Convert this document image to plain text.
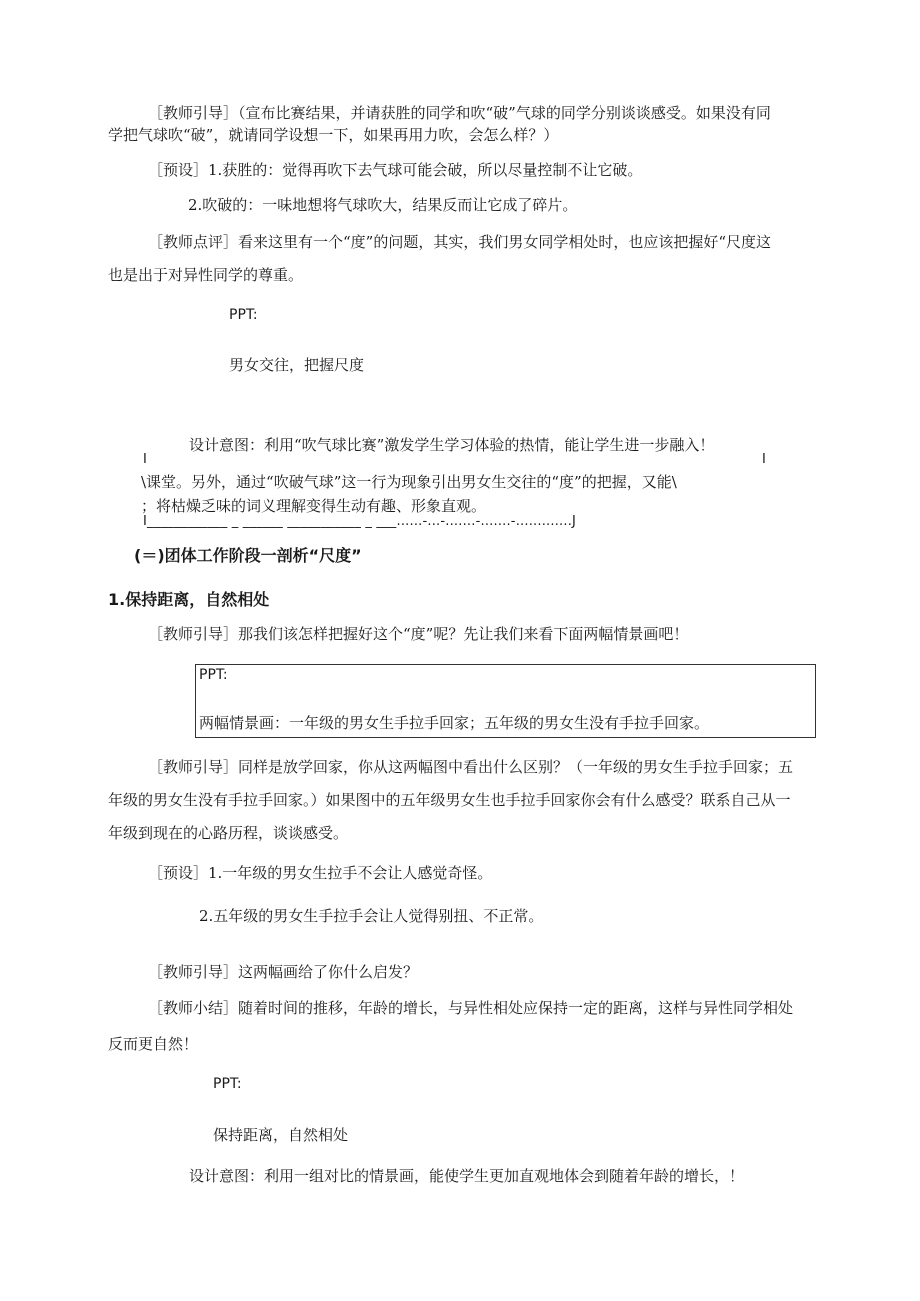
［教师引导］（宣布比赛结果，并请获胜的同学和吹“破”气球的同学分别谈谈感受。如果没有同
学把气球吹“破”，就请同学设想一下，如果再用力吹，会怎么样？）
［预设］1.获胜的：觉得再吹下去气球可能会破，所以尽量控制不让它破。
2.吹破的：一味地想将气球吹大，结果反而让它成了碎片。
［教师点评］看来这里有一个“度”的问题，其实，我们男女同学相处时，也应该把握好“尺度这
也是出于对异性同学的尊重。
PPT:
男女交往，把握尺度
设计意图：利用“吹气球比赛”激发学生学习体验的热情，能让学生进一步融入！
I	I
\课堂。另外，通过“吹破气球”这一行为现象引出男女生交往的“度”的把握，又能\
；将枯燥乏味的词义理解变得生动有趣、形象直观。
I____________ _ ______ ___________ _ ___......-...-.......-.......-.............J
(＝)团体工作阶段一剖析“尺度”
1.保持距离，自然相处
［教师引导］那我们该怎样把握好这个“度”呢？先让我们来看下面两幅情景画吧！
PPT:
两幅情景画：一年级的男女生手拉手回家；五年级的男女生没有手拉手回家。
［教师引导］同样是放学回家，你从这两幅图中看出什么区别？（一年级的男女生手拉手回家；五
年级的男女生没有手拉手回家。）如果图中的五年级男女生也手拉手回家你会有什么感受？联系自己从一
年级到现在的心路历程，谈谈感受。
［预设］1.一年级的男女生拉手不会让人感觉奇怪。
2.五年级的男女生手拉手会让人觉得别扭、不正常。
［教师引导］这两幅画给了你什么启发？
［教师小结］随着时间的推移，年龄的增长，与异性相处应保持一定的距离，这样与异性同学相处
反而更自然！
PPT:
保持距离，自然相处
设计意图：利用一组对比的情景画，能使学生更加直观地体会到随着年龄的增长，！
